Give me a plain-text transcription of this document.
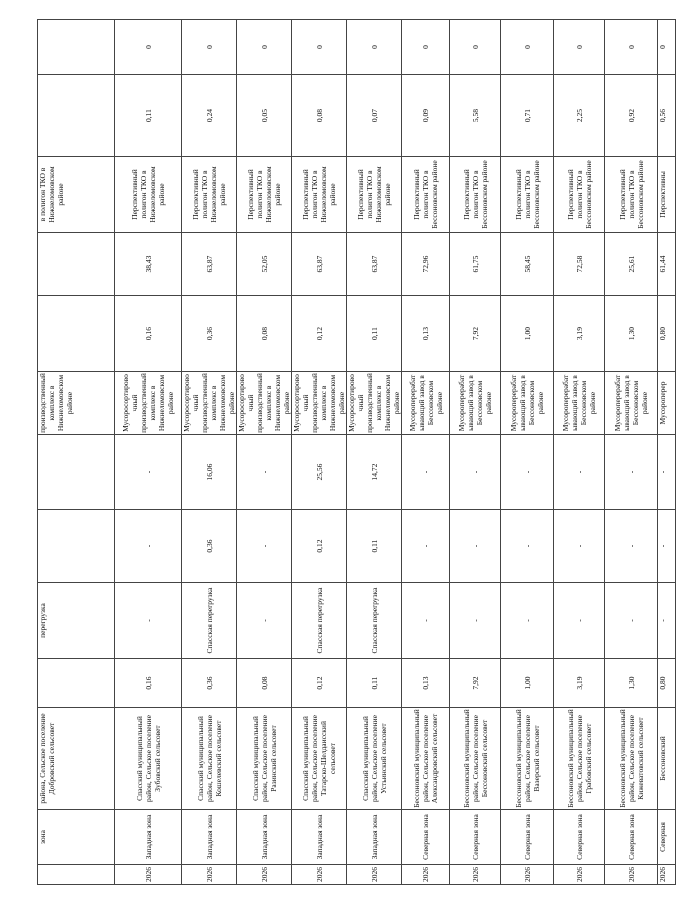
	зона	района, Сельское поселение Добровский сельсовет		перегрузка			производственный комплекс в Нижнеломовском районе			в полигон ТКО в Нижнеломовском районе		
2026	Западная зона	Спасский муниципальный район, Сельское поселение Зубовский сельсовет	0,16	-	-	-	Мусоросортировочный производственный комплекс в Нижнеломовском районе	0,16	38,43	Перспективный полигон ТКО в Нижнеломовском районе	0,11	0
2026	Западная зона	Спасский муниципальный район, Сельское поселение Кошелевский сельсовет	0,36	Спасская перегрузка	0,36	16,06	Мусоросортировочный производственный комплекс в Нижнеломовском районе	0,36	63,87	Перспективный полигон ТКО в Нижнеломовском районе	0,24	0
2026	Западная зона	Спасский муниципальный район, Сельское поселение Разинский сельсовет	0,08	-	-	-	Мусоросортировочный производственный комплекс в Нижнеломовском районе	0,08	52,05	Перспективный полигон ТКО в Нижнеломовском районе	0,05	0
2026	Западная зона	Спасский муниципальный район, Сельское поселение Татарско-Шелдаисский сельсовет	0,12	Спасская перегрузка	0,12	25,56	Мусоросортировочный производственный комплекс в Нижнеломовском районе	0,12	63,87	Перспективный полигон ТКО в Нижнеломовском районе	0,08	0
2026	Западная зона	Спасский муниципальный район, Сельское поселение Устьинский сельсовет	0,11	Спасская перегрузка	0,11	14,72	Мусоросортировочный производственный комплекс в Нижнеломовском районе	0,11	63,87	Перспективный полигон ТКО в Нижнеломовском районе	0,07	0
2026	Северная зона	Бессоновский муниципальный район, Сельское поселение Александровский сельсовет	0,13	-	-	-	Мусороперерабатывающий завод в Бессоновском районе	0,13	72,96	Перспективный полигон ТКО в Бессоновском районе	0,09	0
2026	Северная зона	Бессоновский муниципальный район, Сельское поселение Бессоновский сельсовет	7,92	-	-	-	Мусороперерабатывающий завод в Бессоновском районе	7,92	61,75	Перспективный полигон ТКО в Бессоновском районе	5,58	0
2026	Северная зона	Бессоновский муниципальный район, Сельское поселение Вазерский сельсовет	1,00	-	-	-	Мусороперерабатывающий завод в Бессоновском районе	1,00	58,45	Перспективный полигон ТКО в Бессоновском районе	0,71	0
2026	Северная зона	Бессоновский муниципальный район, Сельское поселение Грабовский сельсовет	3,19	-	-	-	Мусороперерабатывающий завод в Бессоновском районе	3,19	72,58	Перспективный полигон ТКО в Бессоновском районе	2,25	0
2026	Северная зона	Бессоновский муниципальный район, Сельское поселение Кижеватовский сельсовет	1,30	-	-	-	Мусороперерабатывающий завод в Бессоновском районе	1,30	25,61	Перспективный полигон ТКО в Бессоновском районе	0,92	0
2026	Северная	Бессоновский	0,80	-	-	-	Мусороперер	0,80	61,44	Перспективны	0,56	0
